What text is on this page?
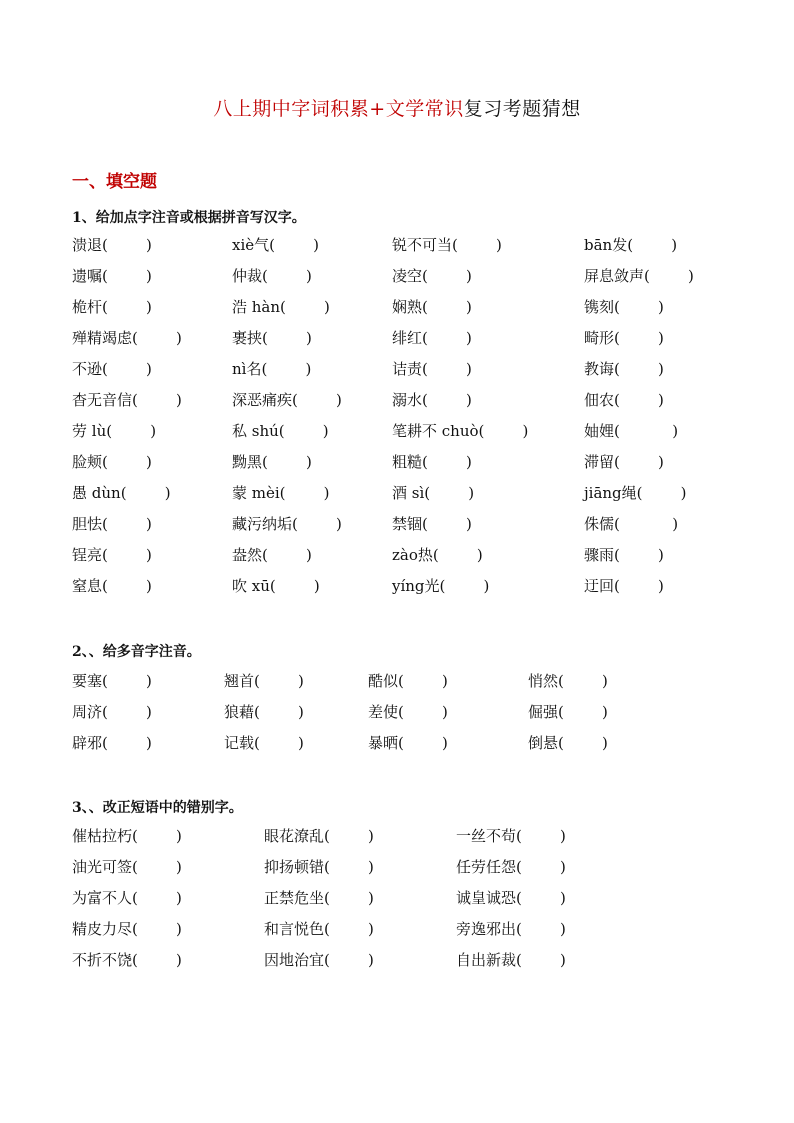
八上期中字词积累+文学常识复习考题猜想
一、填空题
1、给加点字注音或根据拼音写汉字。
溃退(        )	xiè气(        )	锐不可当(        )	bān发(        )
遗嘱(        )	仲裁(        )	凌空(        )	屏息敛声(        )
桅杆(        )	浩 hàn(        )	娴熟(        )	镌刻(        )
殚精竭虑(        )	裹挟(        )	绯红(        )	畸形(        )
不逊(        )	nì名(        )	诘责(        )	教诲(        )
杳无音信(        )	深恶痛疾(        )	溺水(        )	佃农(        )
劳 lù(        )	私 shú(        )	笔耕不 chuò(        )	妯娌(           )
脸颊(        )	黝黑(        )	粗糙(        )	滞留(        )
愚 dùn(        )	蒙 mèi(        )	酒 sì(        )	jiāng绳(        )
胆怯(        )	藏污纳垢(        )	禁锢(        )	侏儒(           )
锃亮(        )	盎然(        )	zào热(        )	骤雨(        )
窒息(        )	吹 xū(        )	yíng光(        )	迂回(        )
2、、给多音字注音。
要塞(        )	翘首(        )	酷似(        )	悄然(        )
周济(        )	狼藉(        )	差使(        )	倔强(        )
辟邪(        )	记载(        )	暴晒(        )	倒悬(        )
3、、改正短语中的错别字。
催枯拉朽(        )	眼花潦乱(        )	一丝不茍(        )
油光可签(        )	抑扬顿错(        )	任劳任怨(        )
为富不人(        )	正禁危坐(        )	诚皇诚恐(        )
精皮力尽(        )	和言悦色(        )	旁逸邪出(        )
不折不饶(        )	因地治宜(        )	自出新裁(        )
